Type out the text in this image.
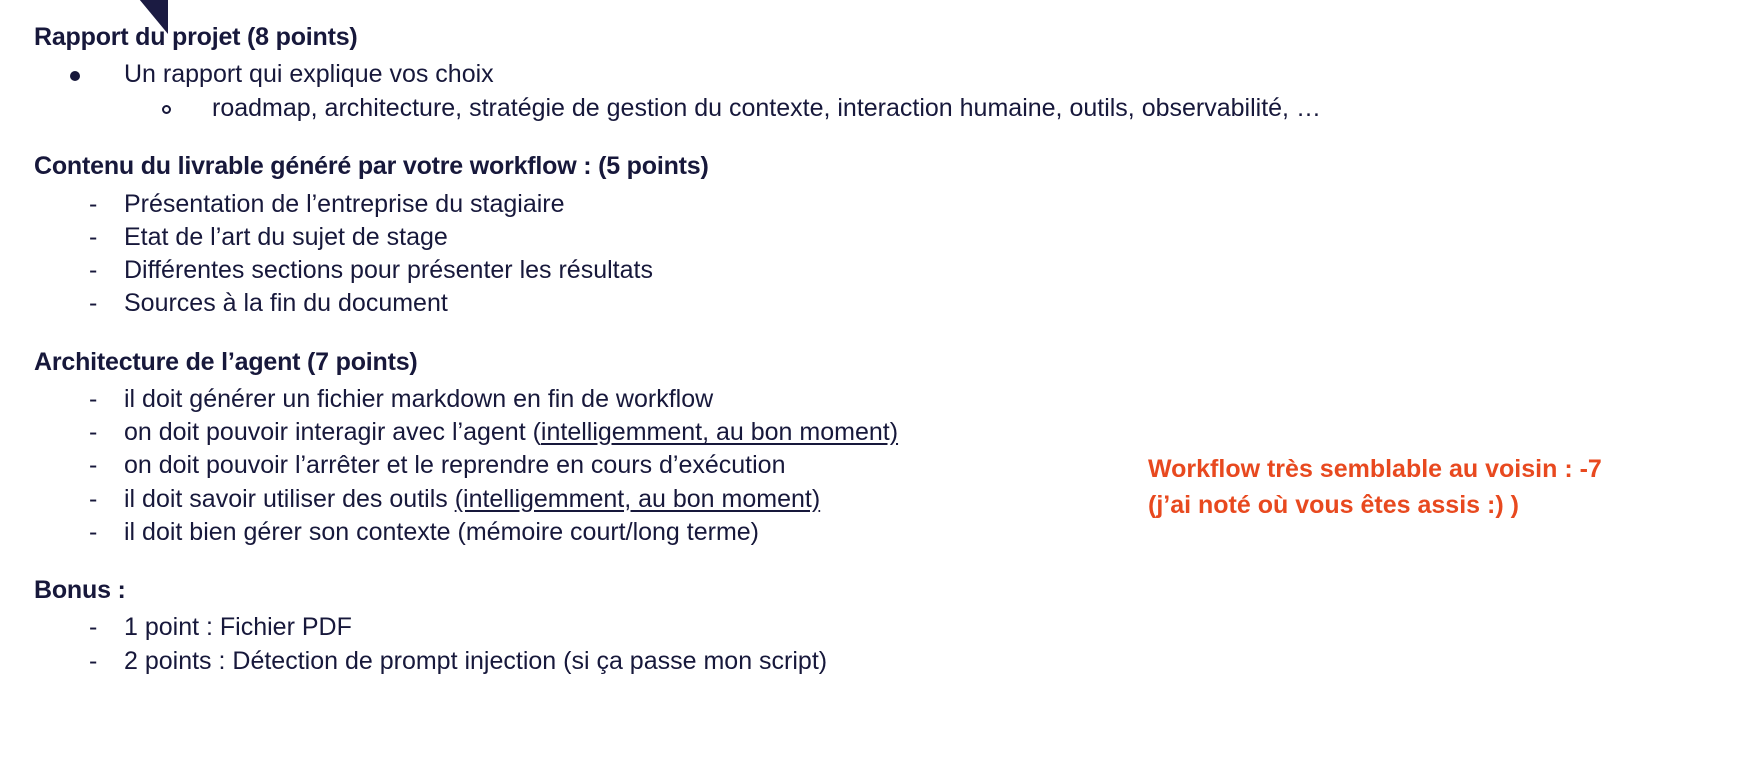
Rapport du projet (8 points)

Un rapport qui explique vos choix
roadmap, architecture, stratégie de gestion du contexte, interaction humaine, outils, observabilité, …

Contenu du livrable généré par votre workflow : (5 points)

- Présentation de l’entreprise du stagiaire
- Etat de l’art du sujet de stage
- Différentes sections pour présenter les résultats
- Sources à la fin du document

Architecture de l’agent (7 points)

- il doit générer un fichier markdown en fin de workflow
- on doit pouvoir interagir avec l’agent (intelligemment, au bon moment)
- on doit pouvoir l’arrêter et le reprendre en cours d’exécution
- il doit savoir utiliser des outils (intelligemment, au bon moment)
- il doit bien gérer son contexte (mémoire court/long terme)

Bonus :

- 1 point : Fichier PDF
- 2 points : Détection de prompt injection (si ça passe mon script)
Workflow très semblable au voisin : -7
(j’ai noté où vous êtes assis :) )
